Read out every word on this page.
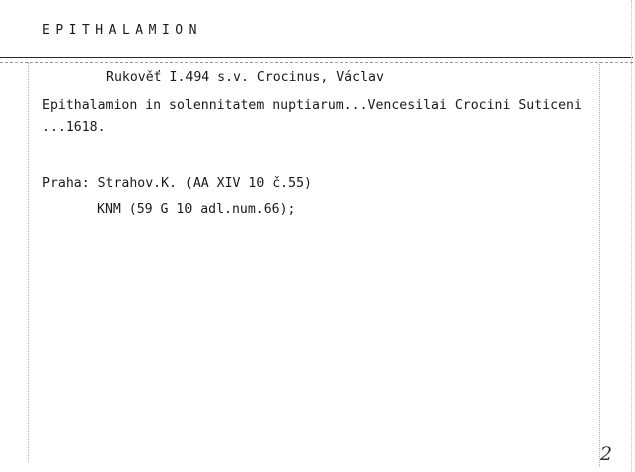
EPITHALAMION
Rukověť I.494 s.v. Crocinus, Václav
Epithalamion in solennitatem nuptiarum...Vencesilai Crocini Suticeni
...1618.
Praha: Strahov.K. (AA XIV 10 č.55)
KNM (59 G 10 adl.num.66);
2
